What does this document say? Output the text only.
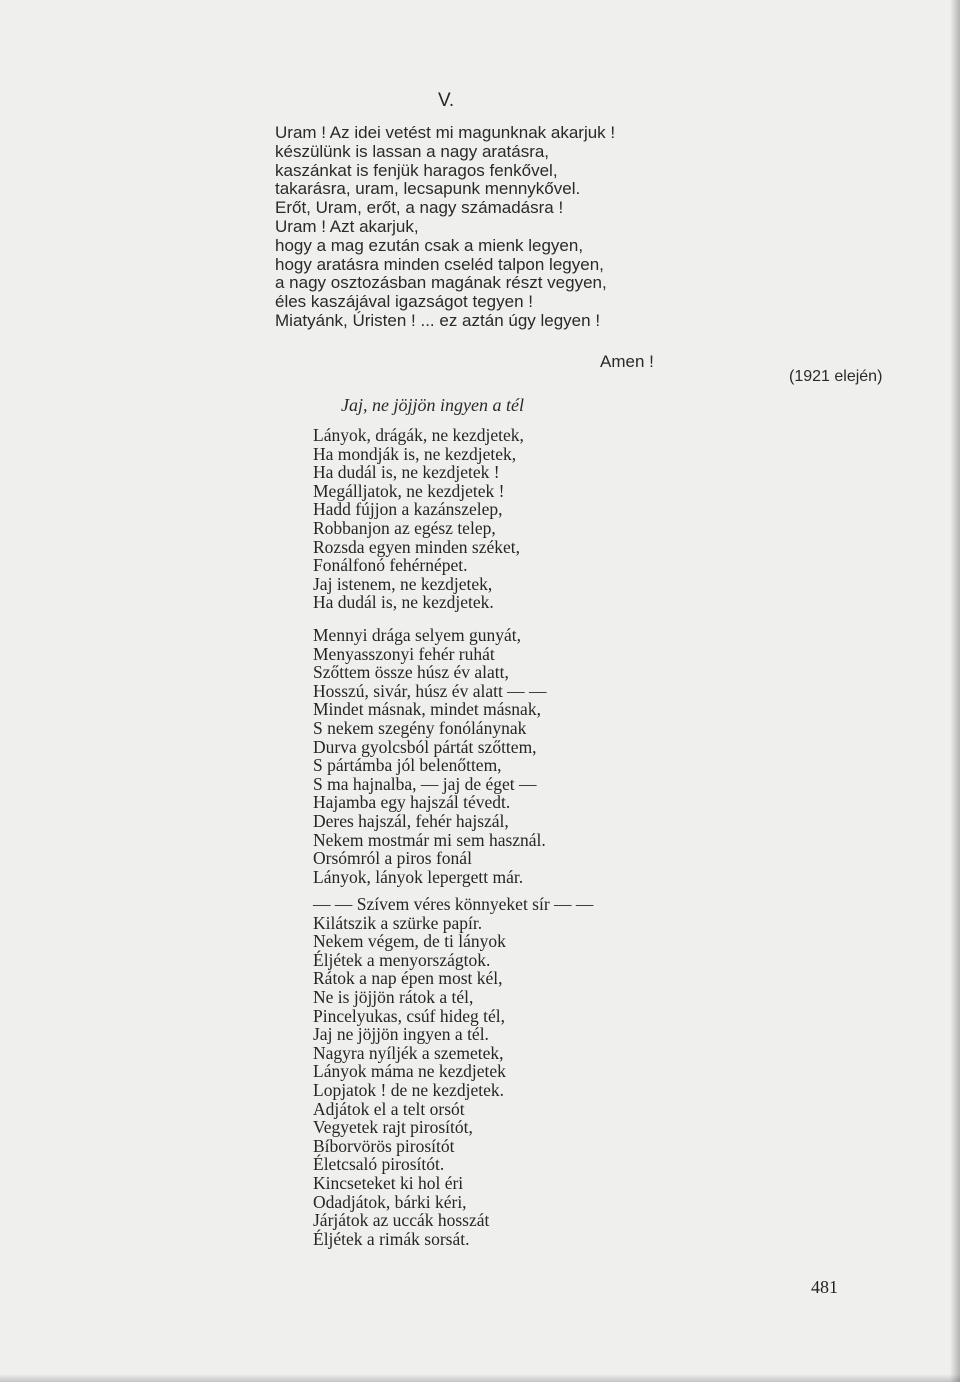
V.
Uram ! Az idei vetést mi magunknak akarjuk !
készülünk is lassan a nagy aratásra,
kaszánkat is fenjük haragos fenkővel,
takarásra, uram, lecsapunk mennykővel.
Erőt, Uram, erőt, a nagy számadásra !
Uram ! Azt akarjuk,
hogy a mag ezután csak a mienk legyen,
hogy aratásra minden cseléd talpon legyen,
a nagy osztozásban magának részt vegyen,
éles kaszájával igazságot tegyen !
Miatyánk, Úristen ! ... ez aztán úgy legyen !
Amen !
(1921 elején)
Jaj, ne jöjjön ingyen a tél
Lányok, drágák, ne kezdjetek,
Ha mondják is, ne kezdjetek,
Ha dudál is, ne kezdjetek !
Megálljatok, ne kezdjetek !
Hadd fújjon a kazánszelep,
Robbanjon az egész telep,
Rozsda egyen minden széket,
Fonálfonó fehérnépet.
Jaj istenem, ne kezdjetek,
Ha dudál is, ne kezdjetek.
Mennyi drága selyem gunyát,
Menyasszonyi fehér ruhát
Szőttem össze húsz év alatt,
Hosszú, sivár, húsz év alatt — —
Mindet másnak, mindet másnak,
S nekem szegény fonólánynak
Durva gyolcsból pártát szőttem,
S pártámba jól belenőttem,
S ma hajnalba, — jaj de éget —
Hajamba egy hajszál tévedt.
Deres hajszál, fehér hajszál,
Nekem mostmár mi sem használ.
Orsómról a piros fonál
Lányok, lányok lepergett már.
— — Szívem véres könnyeket sír — —
Kilátszik a szürke papír.
Nekem végem, de ti lányok
Éljétek a menyországtok.
Rátok a nap épen most kél,
Ne is jöjjön rátok a tél,
Pincelyukas, csúf hideg tél,
Jaj ne jöjjön ingyen a tél.
Nagyra nyíljék a szemetek,
Lányok máma ne kezdjetek
Lopjatok ! de ne kezdjetek.
Adjátok el a telt orsót
Vegyetek rajt pirosítót,
Bíborvörös pirosítót
Életcsaló pirosítót.
Kincseteket ki hol éri
Odadjátok, bárki kéri,
Járjátok az uccák hosszát
Éljétek a rimák sorsát.
481
